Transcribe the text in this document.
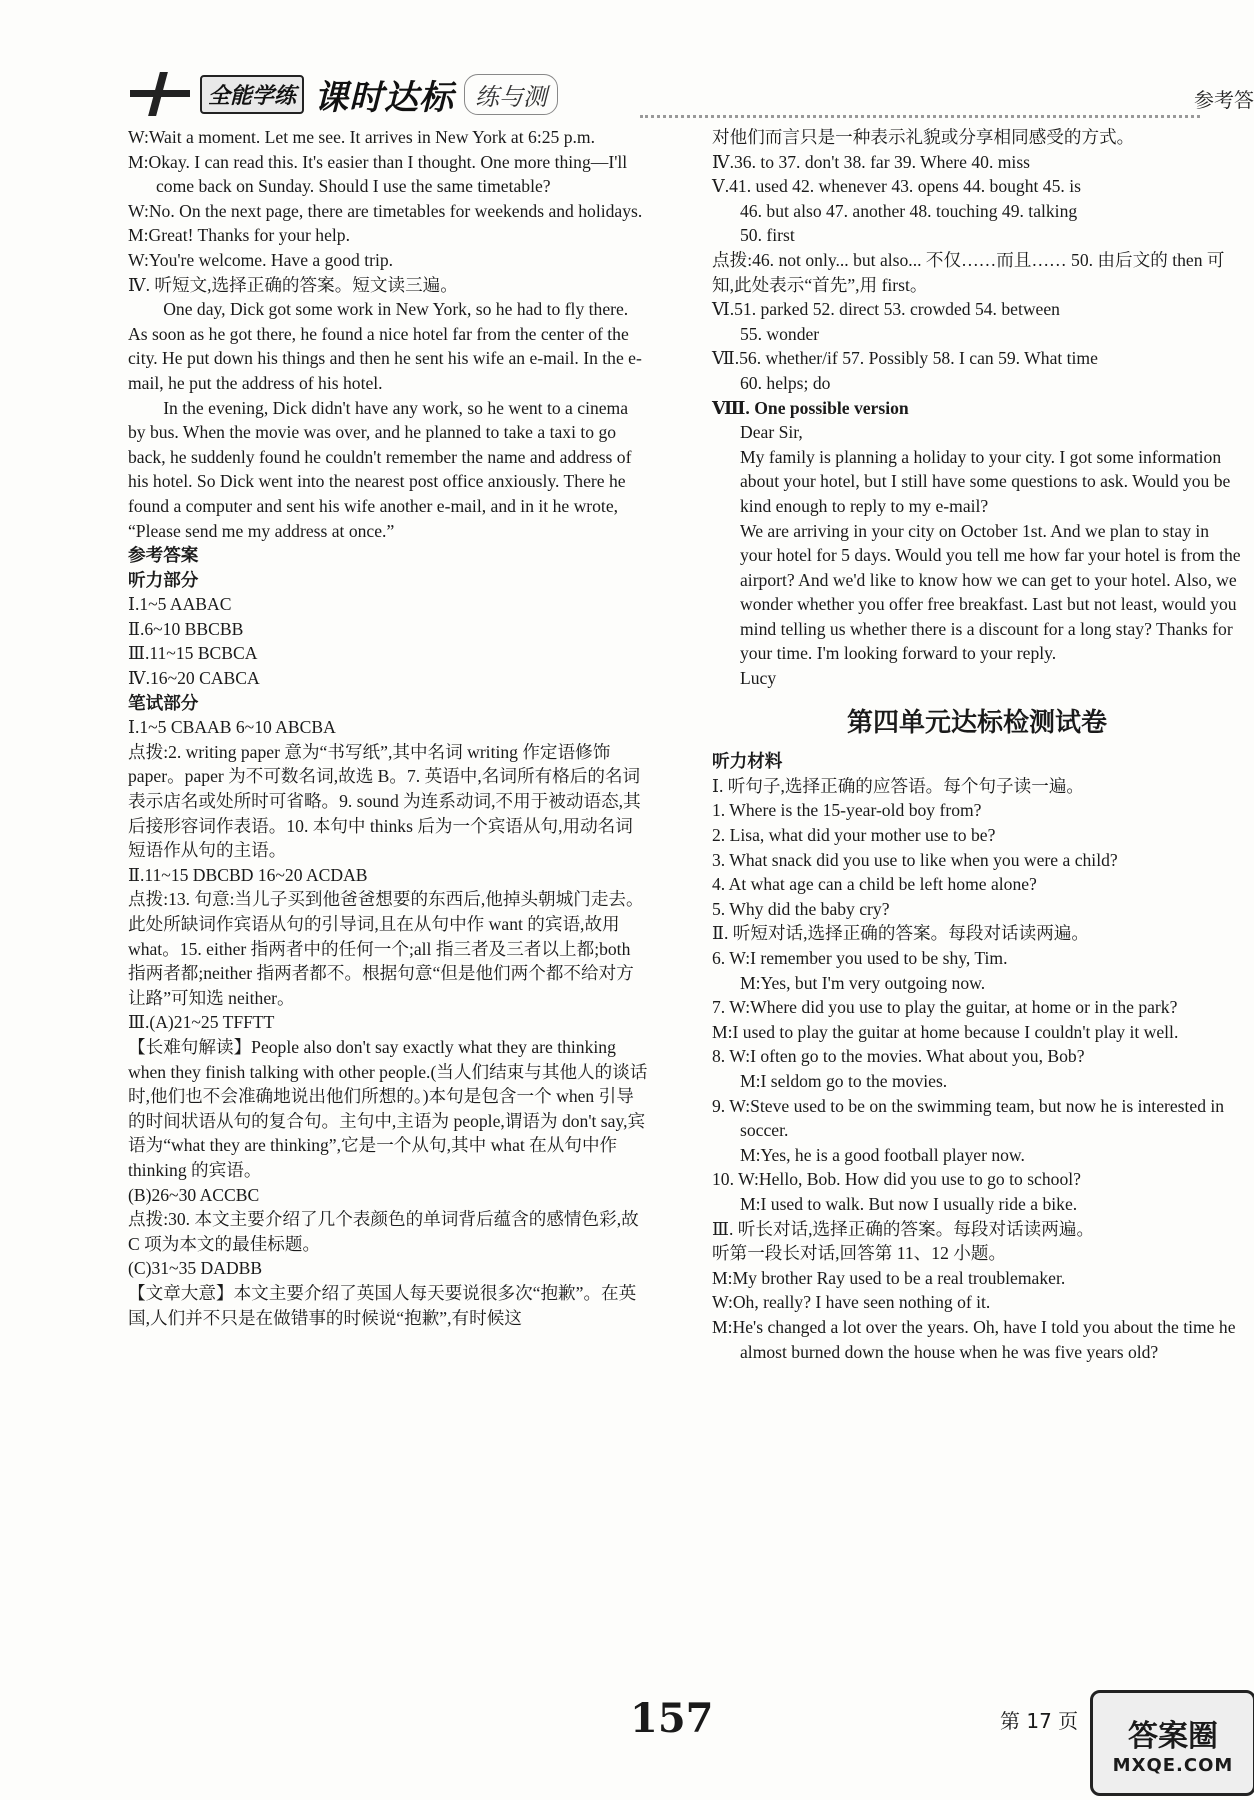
全能学练 课时达标 练与测	参考答

W:Wait a moment. Let me see. It arrives in New York at 6:25 p.m.

M:Okay. I can read this. It's easier than I thought. One more thing—I'll come back on Sunday. Should I use the same timetable?

W:No. On the next page, there are timetables for weekends and holidays.

M:Great! Thanks for your help.

W:You're welcome. Have a good trip.

Ⅳ. 听短文,选择正确的答案。短文读三遍。

One day, Dick got some work in New York, so he had to fly there. As soon as he got there, he found a nice hotel far from the center of the city. He put down his things and then he sent his wife an e-mail. In the e-mail, he put the address of his hotel.

In the evening, Dick didn't have any work, so he went to a cinema by bus. When the movie was over, and he planned to take a taxi to go back, he suddenly found he couldn't remember the name and address of his hotel. So Dick went into the nearest post office anxiously. There he found a computer and sent his wife another e-mail, and in it he wrote, “Please send me my address at once.”

参考答案

听力部分

Ⅰ.1~5 AABAC

Ⅱ.6~10 BBCBB

Ⅲ.11~15 BCBCA

Ⅳ.16~20 CABCA

笔试部分

Ⅰ.1~5 CBAAB 6~10 ABCBA

点拨:2. writing paper 意为“书写纸”,其中名词 writing 作定语修饰 paper。paper 为不可数名词,故选 B。7. 英语中,名词所有格后的名词表示店名或处所时可省略。9. sound 为连系动词,不用于被动语态,其后接形容词作表语。10. 本句中 thinks 后为一个宾语从句,用动名词短语作从句的主语。

Ⅱ.11~15 DBCBD 16~20 ACDAB

点拨:13. 句意:当儿子买到他爸爸想要的东西后,他掉头朝城门走去。此处所缺词作宾语从句的引导词,且在从句中作 want 的宾语,故用 what。15. either 指两者中的任何一个;all 指三者及三者以上都;both 指两者都;neither 指两者都不。根据句意“但是他们两个都不给对方让路”可知选 neither。

Ⅲ.(A)21~25 TFFTT

【长难句解读】People also don't say exactly what they are thinking when they finish talking with other people.(当人们结束与其他人的谈话时,他们也不会准确地说出他们所想的。)本句是包含一个 when 引导的时间状语从句的复合句。主句中,主语为 people,谓语为 don't say,宾语为“what they are thinking”,它是一个从句,其中 what 在从句中作 thinking 的宾语。

(B)26~30 ACCBC

点拨:30. 本文主要介绍了几个表颜色的单词背后蕴含的感情色彩,故 C 项为本文的最佳标题。

(C)31~35 DADBB

【文章大意】本文主要介绍了英国人每天要说很多次“抱歉”。在英国,人们并不只是在做错事的时候说“抱歉”,有时候这

对他们而言只是一种表示礼貌或分享相同感受的方式。

Ⅳ.36. to 37. don't 38. far 39. Where 40. miss

Ⅴ.41. used 42. whenever 43. opens 44. bought 45. is

46. but also 47. another 48. touching 49. talking

50. first

点拨:46. not only... but also... 不仅……而且…… 50. 由后文的 then 可知,此处表示“首先”,用 first。

Ⅵ.51. parked 52. direct 53. crowded 54. between

55. wonder

Ⅶ.56. whether/if 57. Possibly 58. I can 59. What time

60. helps; do

Ⅷ. One possible version

Dear Sir,

My family is planning a holiday to your city. I got some information about your hotel, but I still have some questions to ask. Would you be kind enough to reply to my e-mail?

We are arriving in your city on October 1st. And we plan to stay in your hotel for 5 days. Would you tell me how far your hotel is from the airport? And we'd like to know how we can get to your hotel. Also, we wonder whether you offer free breakfast. Last but not least, would you mind telling us whether there is a discount for a long stay? Thanks for your time. I'm looking forward to your reply.

Lucy

第四单元达标检测试卷

听力材料

Ⅰ. 听句子,选择正确的应答语。每个句子读一遍。

1. Where is the 15-year-old boy from?

2. Lisa, what did your mother use to be?

3. What snack did you use to like when you were a child?

4. At what age can a child be left home alone?

5. Why did the baby cry?

Ⅱ. 听短对话,选择正确的答案。每段对话读两遍。

6. W:I remember you used to be shy, Tim.

M:Yes, but I'm very outgoing now.

7. W:Where did you use to play the guitar, at home or in the park?

M:I used to play the guitar at home because I couldn't play it well.

8. W:I often go to the movies. What about you, Bob?

M:I seldom go to the movies.

9. W:Steve used to be on the swimming team, but now he is interested in soccer.

M:Yes, he is a good football player now.

10. W:Hello, Bob. How did you use to go to school?

M:I used to walk. But now I usually ride a bike.

Ⅲ. 听长对话,选择正确的答案。每段对话读两遍。

听第一段长对话,回答第 11、12 小题。

M:My brother Ray used to be a real troublemaker.

W:Oh, really? I have seen nothing of it.

M:He's changed a lot over the years. Oh, have I told you about the time he almost burned down the house when he was five years old?

157	第 17 页 答案圈
MXQE.COM
